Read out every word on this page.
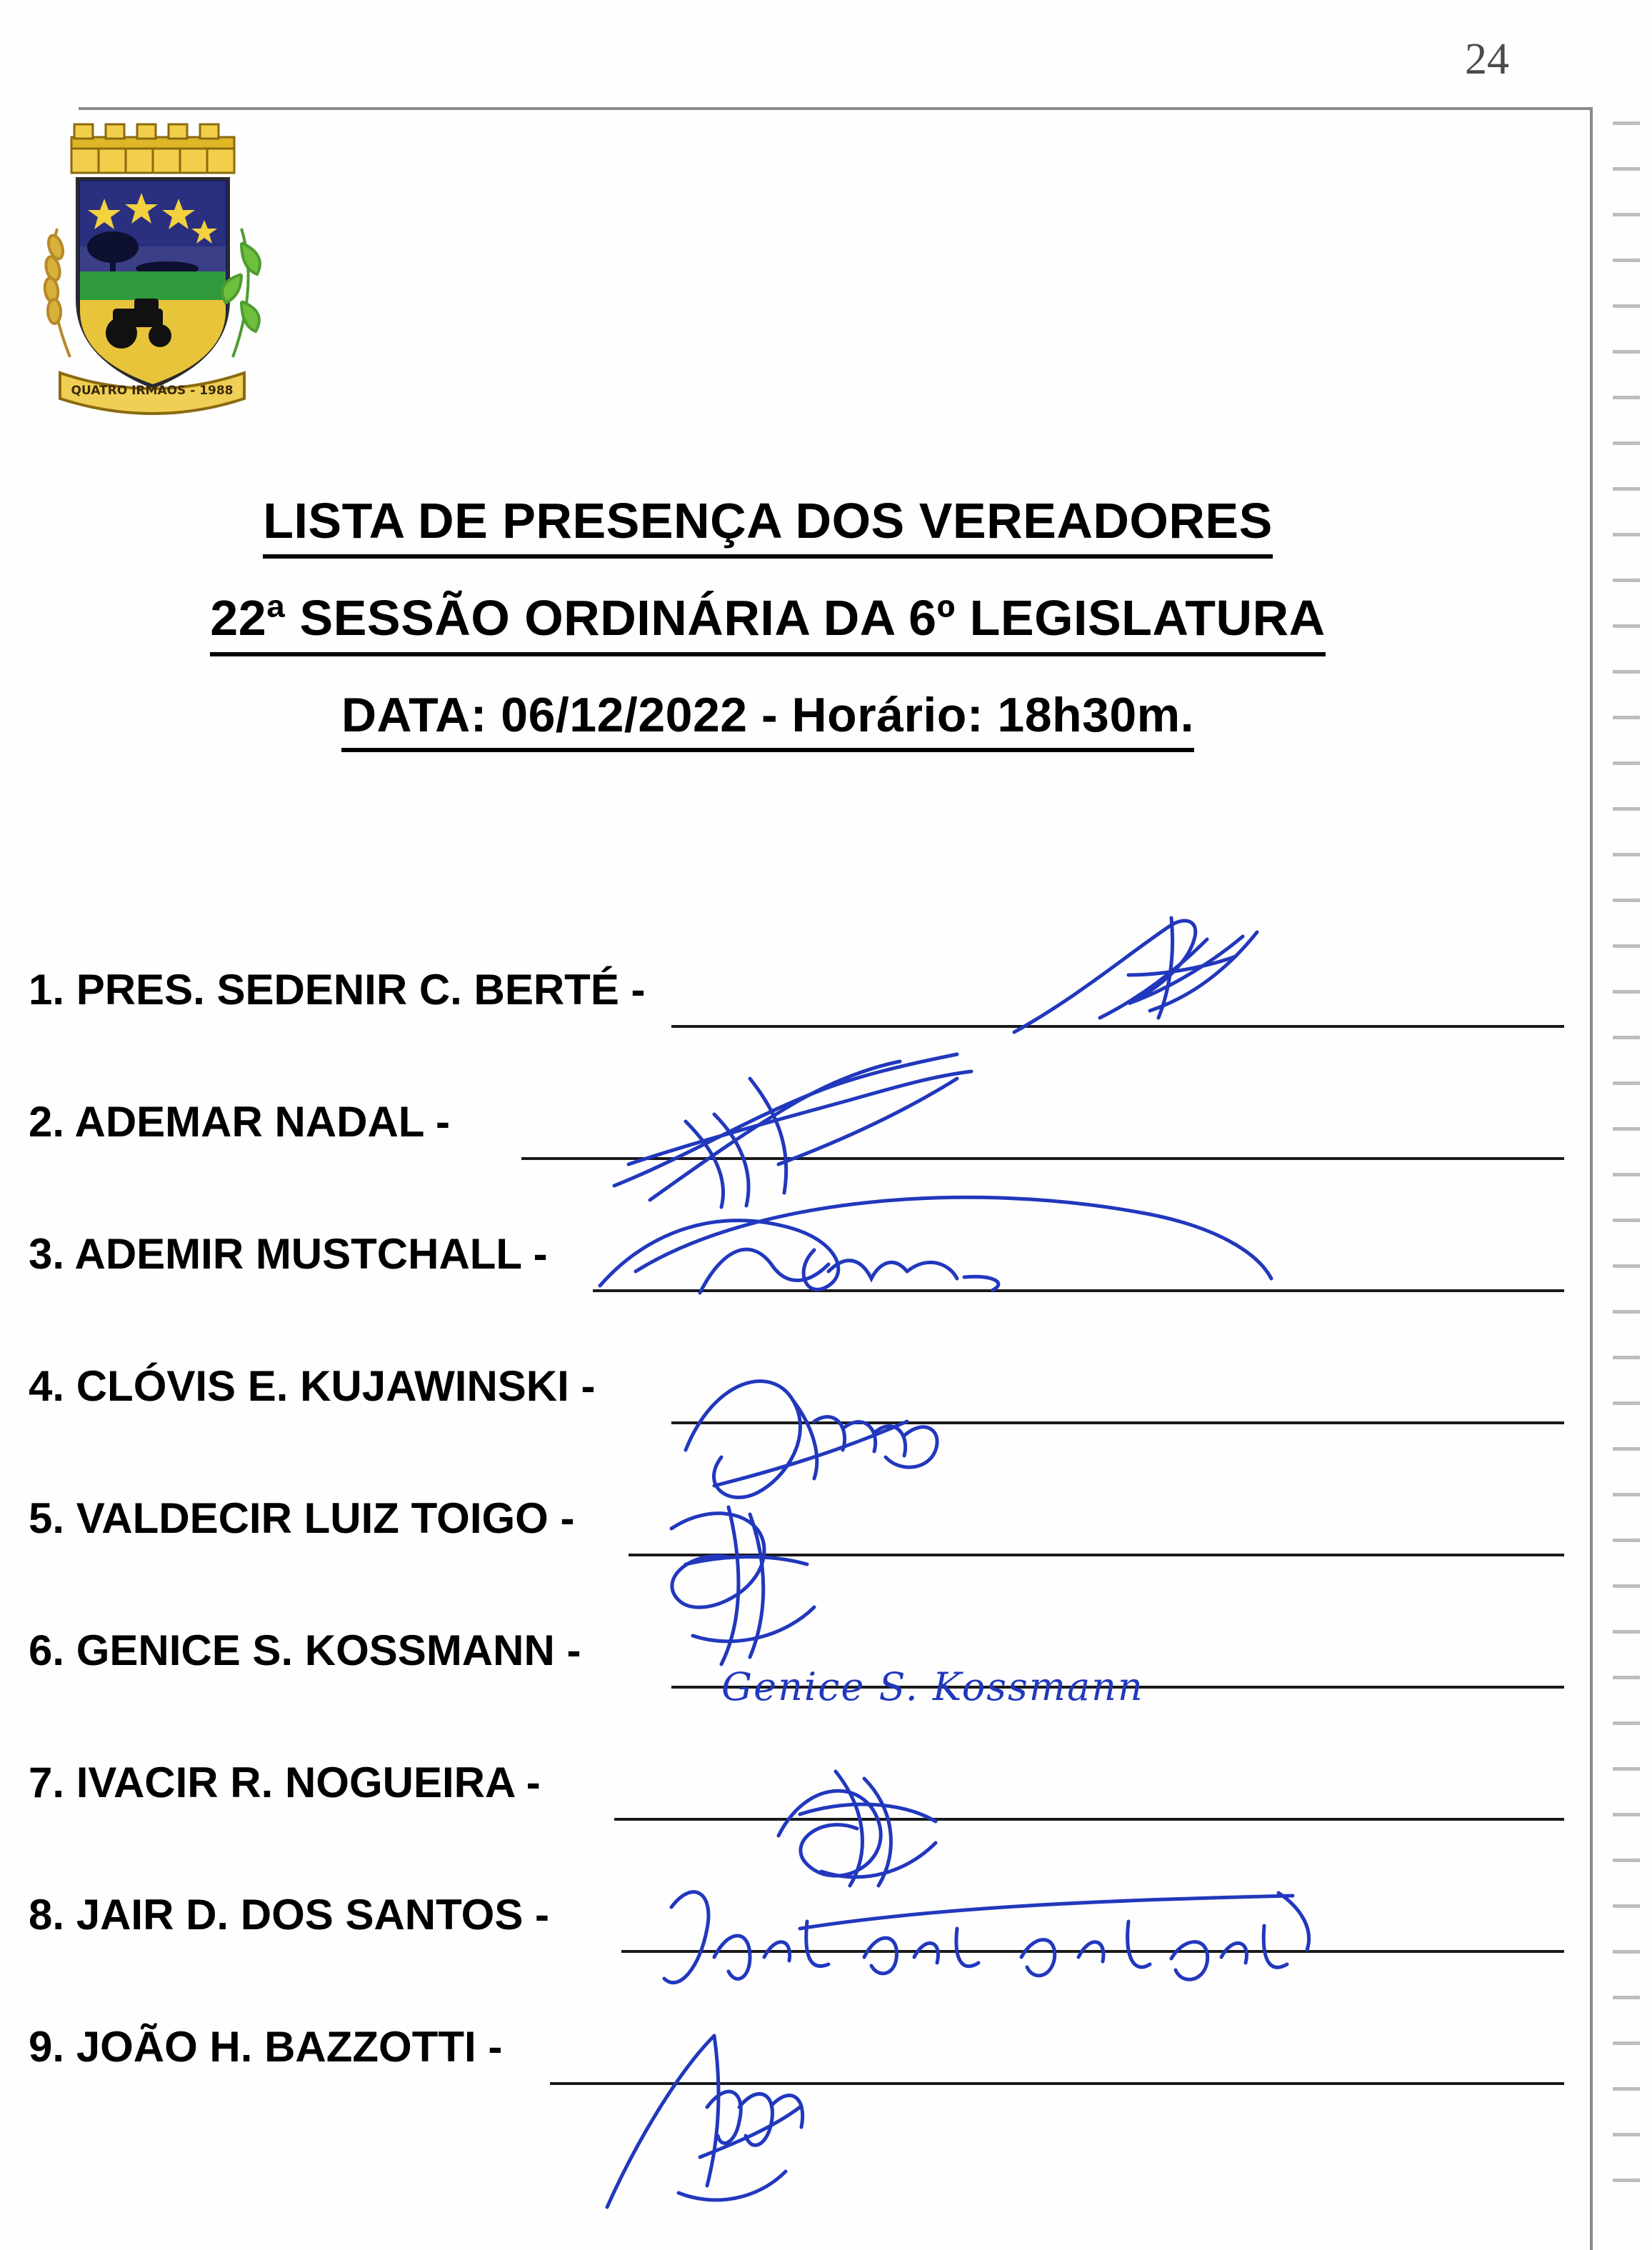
24
QUATRO IRMÃOS - 1988
LISTA DE PRESENÇA DOS VEREADORES
22ª SESSÃO ORDINÁRIA DA 6º LEGISLATURA
DATA: 06/12/2022 - Horário: 18h30m.
1. PRES. SEDENIR C. BERTÉ -
2. ADEMAR NADAL -
3. ADEMIR MUSTCHALL -
4. CLÓVIS E. KUJAWINSKI -
5. VALDECIR LUIZ TOIGO -
6. GENICE S. KOSSMANN -
7. IVACIR R. NOGUEIRA -
8. JAIR D. DOS SANTOS -
9. JOÃO H. BAZZOTTI -
Genice S. Kossmann
